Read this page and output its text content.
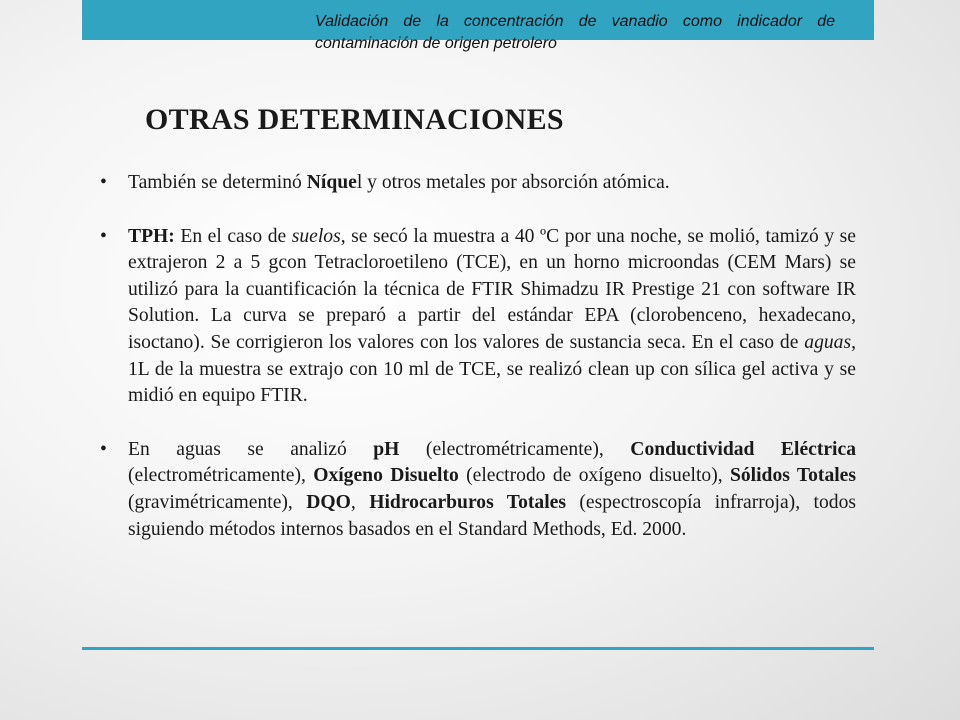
Validación de la concentración de vanadio como indicador de contaminación de origen petrolero
OTRAS DETERMINACIONES
• También se determinó Níquel y otros metales por absorción atómica.
• TPH: En el caso de suelos, se secó la muestra a 40 ºC por una noche, se molió, tamizó y se extrajeron 2 a 5 gcon Tetracloroetileno (TCE), en un horno microondas (CEM Mars) se utilizó para la cuantificación la técnica de FTIR Shimadzu IR Prestige 21 con software IR Solution. La curva se preparó a partir del estándar EPA (clorobenceno, hexadecano, isoctano). Se corrigieron los valores con los valores de sustancia seca. En el caso de aguas, 1L de la muestra se extrajo con 10 ml de TCE, se realizó clean up con sílica gel activa y se midió en equipo FTIR.
• En aguas se analizó pH (electrométricamente), Conductividad Eléctrica (electrométricamente), Oxígeno Disuelto (electrodo de oxígeno disuelto), Sólidos Totales (gravimétricamente), DQO, Hidrocarburos Totales (espectroscopía infrarroja), todos siguiendo métodos internos basados en el Standard Methods, Ed. 2000.
